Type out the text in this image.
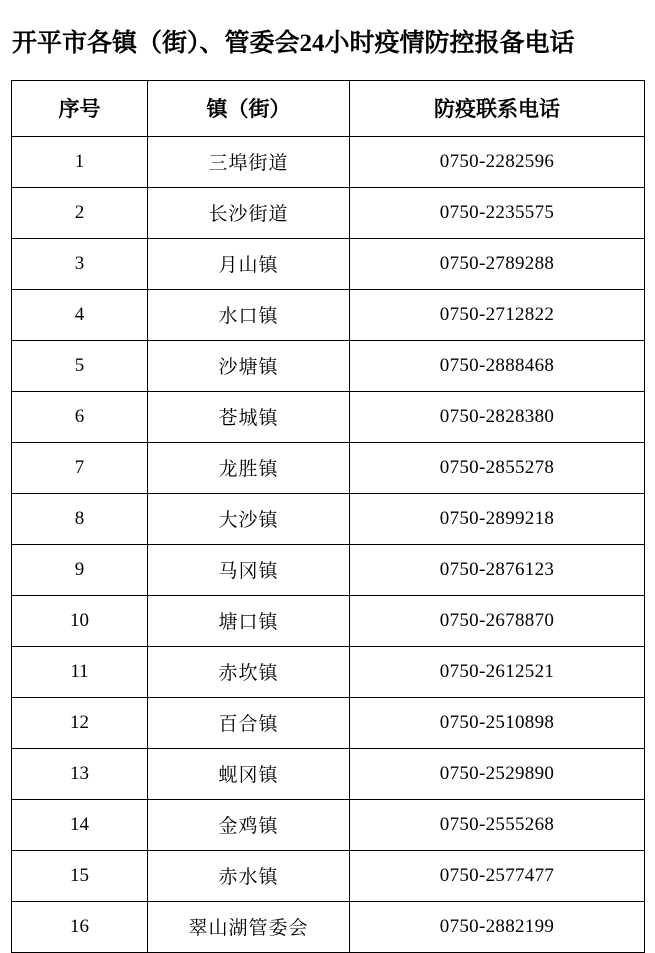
开平市各镇（街）、管委会24小时疫情防控报备电话
序号	镇（街）	防疫联系电话
1	三埠街道	0750-2282596
2	长沙街道	0750-2235575
3	月山镇	0750-2789288
4	水口镇	0750-2712822
5	沙塘镇	0750-2888468
6	苍城镇	0750-2828380
7	龙胜镇	0750-2855278
8	大沙镇	0750-2899218
9	马冈镇	0750-2876123
10	塘口镇	0750-2678870
11	赤坎镇	0750-2612521
12	百合镇	0750-2510898
13	蚬冈镇	0750-2529890
14	金鸡镇	0750-2555268
15	赤水镇	0750-2577477
16	翠山湖管委会	0750-2882199
